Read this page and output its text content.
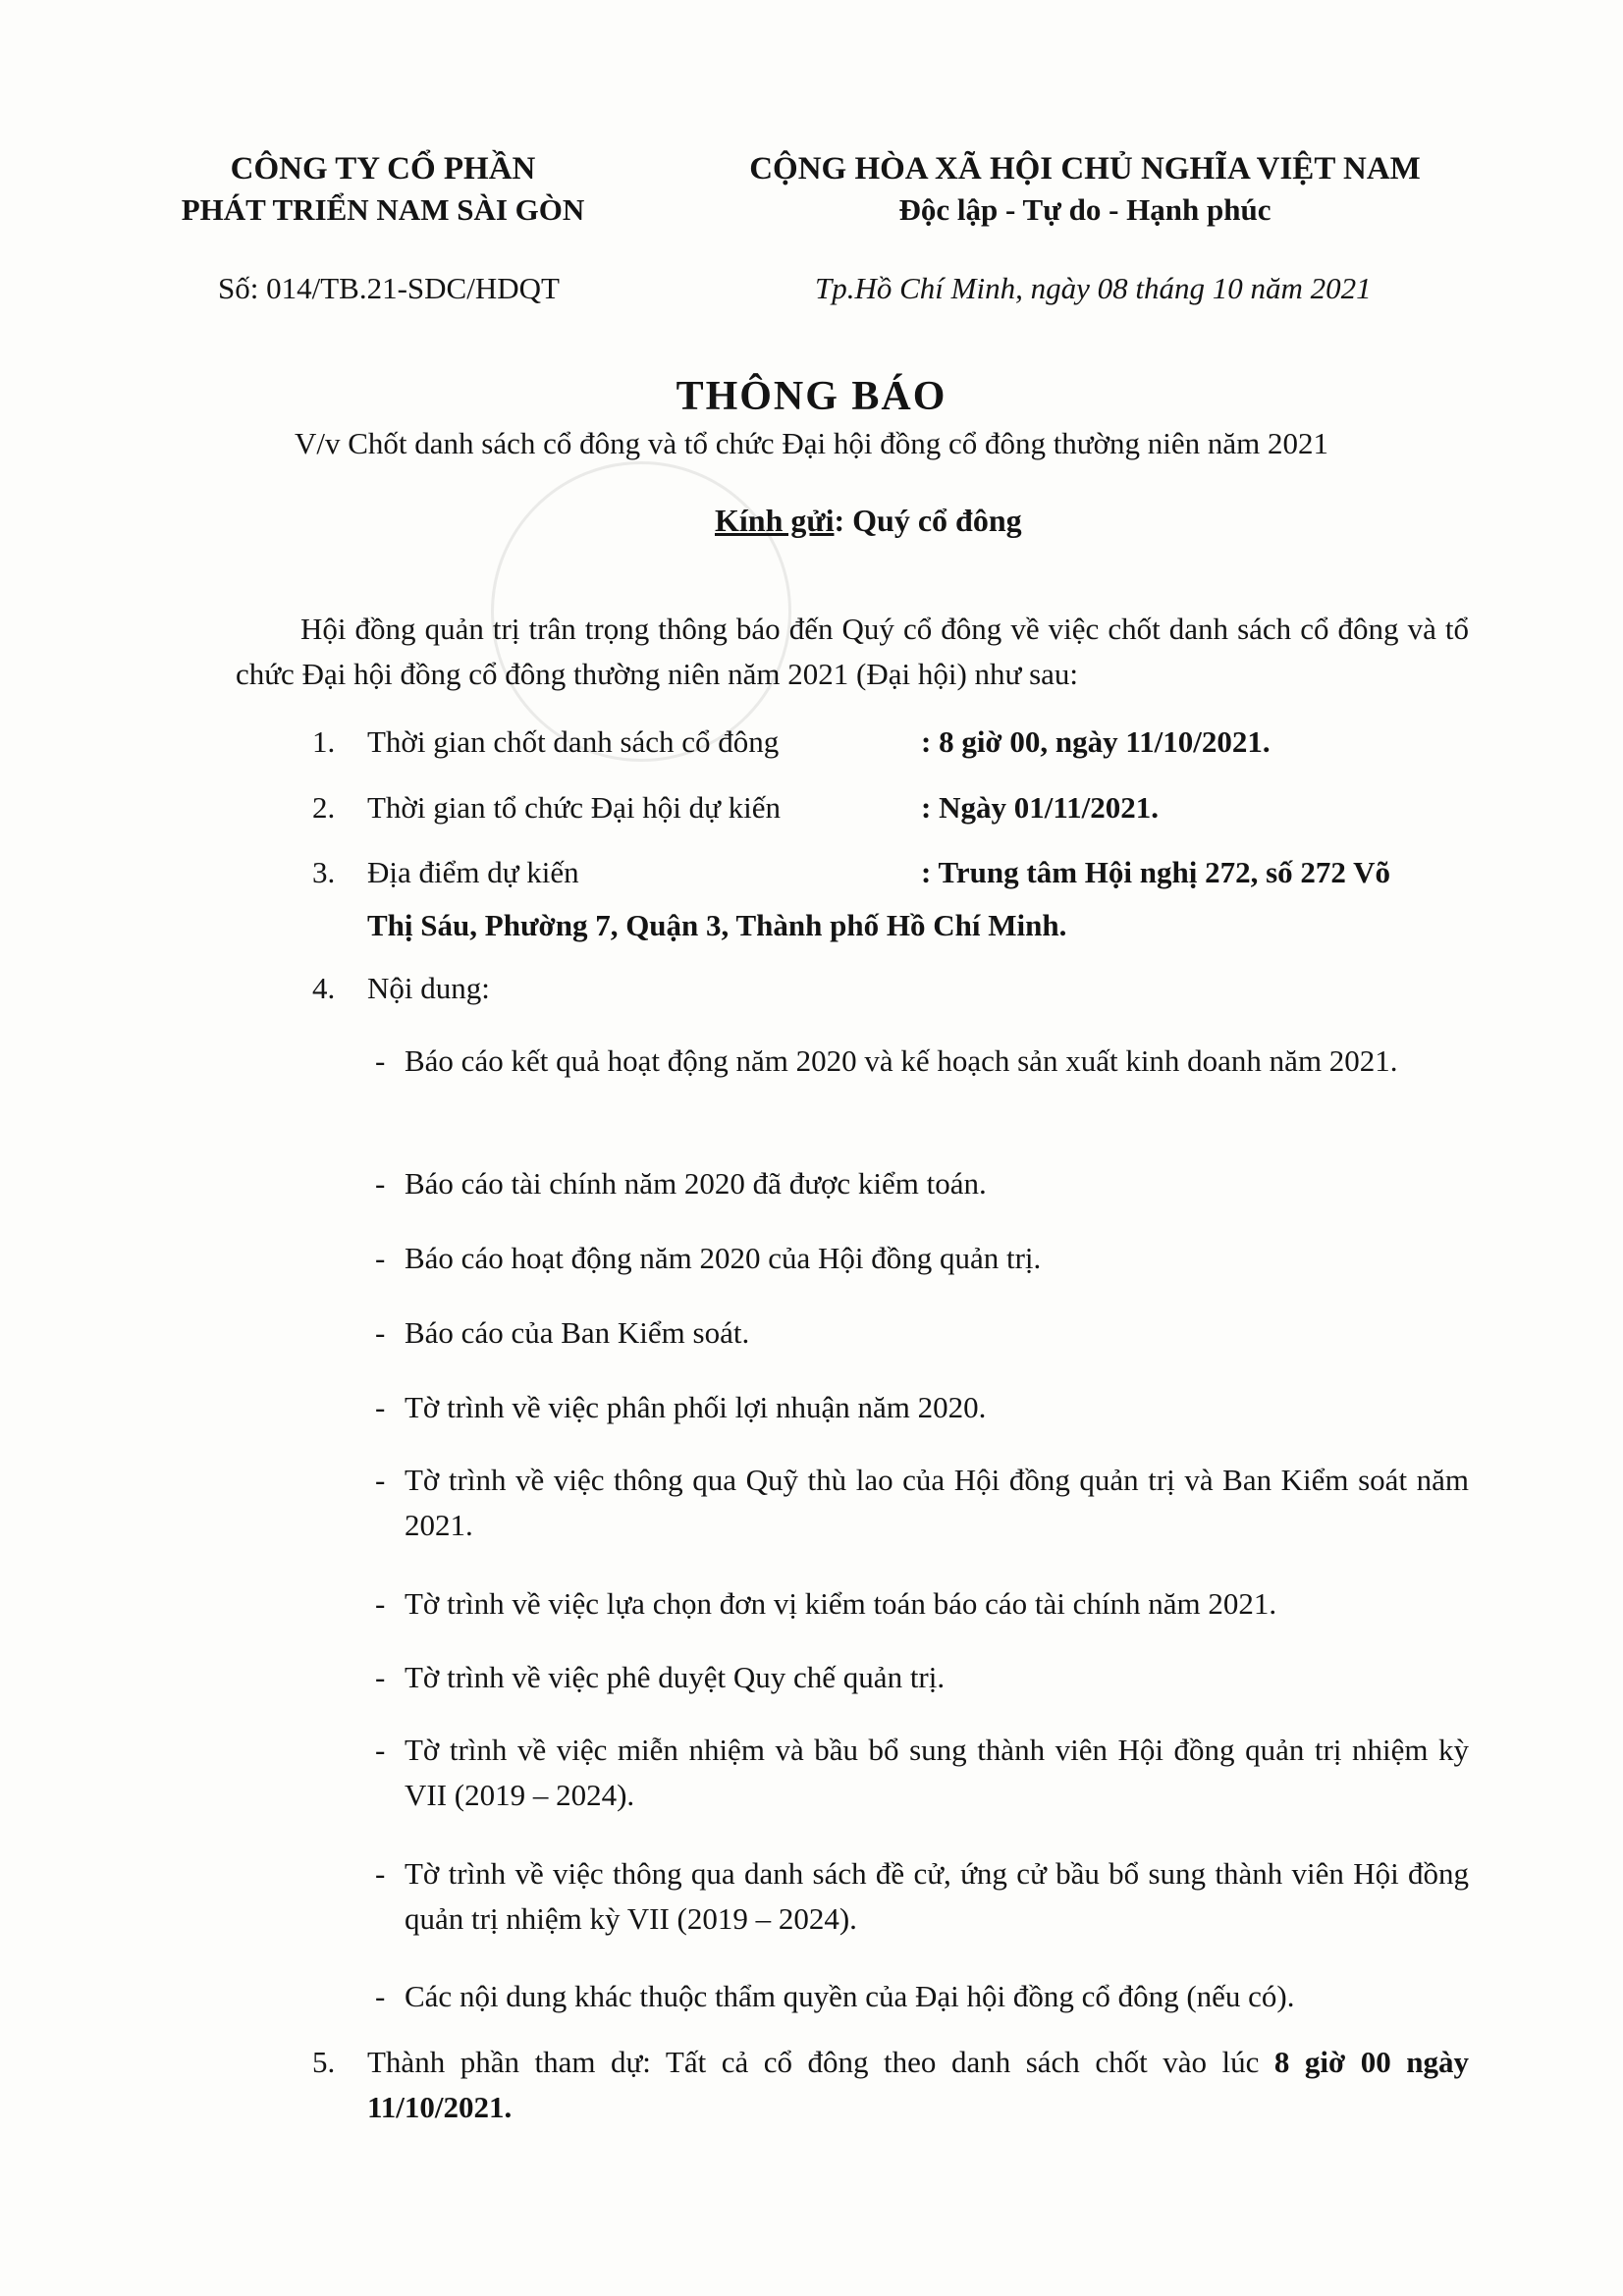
CÔNG TY CỔ PHẦN
PHÁT TRIỂN NAM SÀI GÒN
CỘNG HÒA XÃ HỘI CHỦ NGHĨA VIỆT NAM
Độc lập - Tự do - Hạnh phúc
Số: 014/TB.21-SDC/HDQT	Tp.Hồ Chí Minh, ngày 08 tháng 10 năm 2021
THÔNG BÁO
V/v Chốt danh sách cổ đông và tổ chức Đại hội đồng cổ đông thường niên năm 2021
Kính gửi: Quý cổ đông
Hội đồng quản trị trân trọng thông báo đến Quý cổ đông về việc chốt danh sách cổ đông và tổ chức Đại hội đồng cổ đông thường niên năm 2021 (Đại hội) như sau:
1. Thời gian chốt danh sách cổ đông	: 8 giờ 00, ngày 11/10/2021.
2. Thời gian tổ chức Đại hội dự kiến	: Ngày 01/11/2021.
3. Địa điểm dự kiến	: Trung tâm Hội nghị 272, số 272 Võ
Thị Sáu, Phường 7, Quận 3, Thành phố Hồ Chí Minh.
4. Nội dung:
- Báo cáo kết quả hoạt động năm 2020 và kế hoạch sản xuất kinh doanh năm 2021.
- Báo cáo tài chính năm 2020 đã được kiểm toán.
- Báo cáo hoạt động năm 2020 của Hội đồng quản trị.
- Báo cáo của Ban Kiểm soát.
- Tờ trình về việc phân phối lợi nhuận năm 2020.
- Tờ trình về việc thông qua Quỹ thù lao của Hội đồng quản trị và Ban Kiểm soát năm 2021.
- Tờ trình về việc lựa chọn đơn vị kiểm toán báo cáo tài chính năm 2021.
- Tờ trình về việc phê duyệt Quy chế quản trị.
- Tờ trình về việc miễn nhiệm và bầu bổ sung thành viên Hội đồng quản trị nhiệm kỳ VII (2019 – 2024).
- Tờ trình về việc thông qua danh sách đề cử, ứng cử bầu bổ sung thành viên Hội đồng quản trị nhiệm kỳ VII (2019 – 2024).
- Các nội dung khác thuộc thẩm quyền của Đại hội đồng cổ đông (nếu có).
5. Thành phần tham dự: Tất cả cổ đông theo danh sách chốt vào lúc 8 giờ 00 ngày 11/10/2021.
